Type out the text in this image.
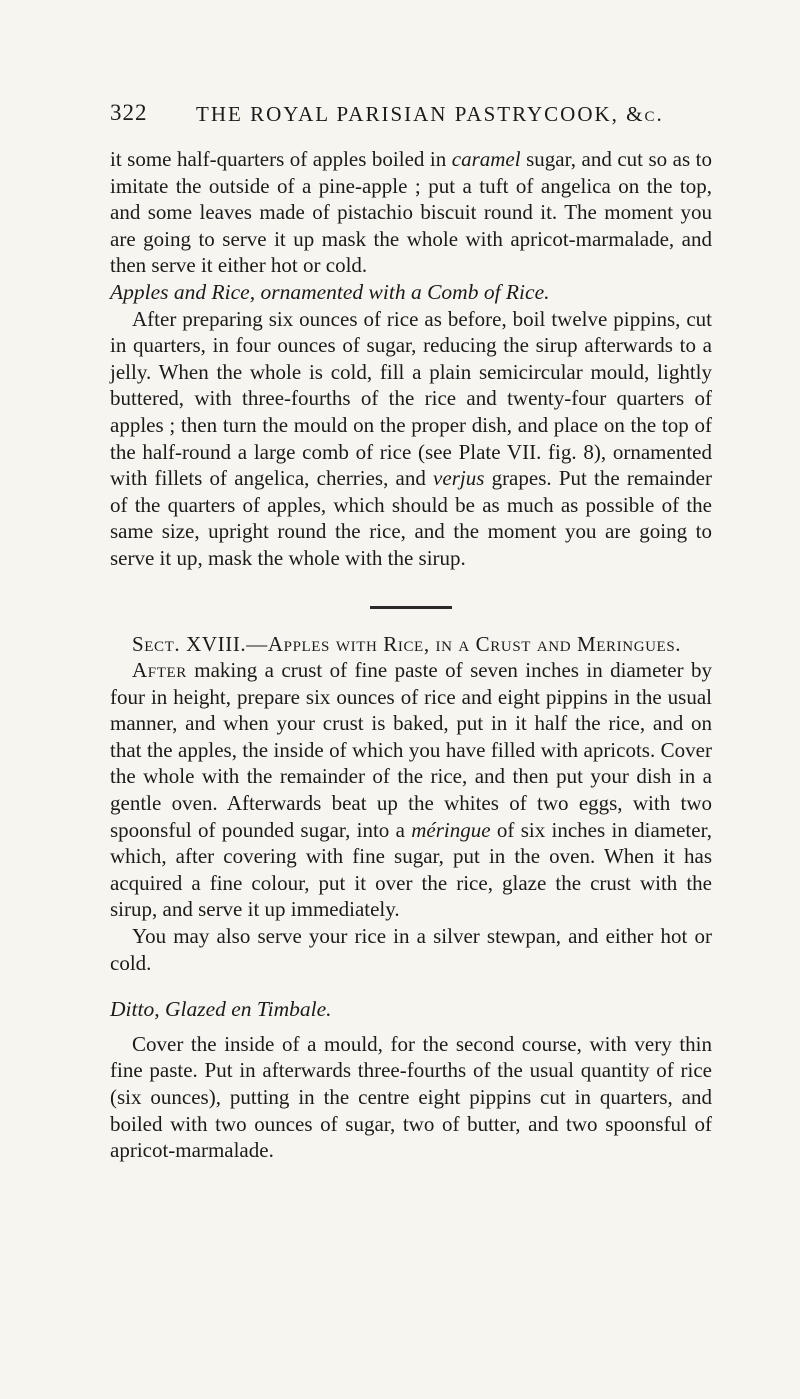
322 THE ROYAL PARISIAN PASTRYCOOK, &c.

it some half-quarters of apples boiled in caramel sugar, and cut so as to imitate the outside of a pine-apple ; put a tuft of angelica on the top, and some leaves made of pistachio biscuit round it. The moment you are going to serve it up mask the whole with apricot-marmalade, and then serve it either hot or cold.

Apples and Rice, ornamented with a Comb of Rice.

After preparing six ounces of rice as before, boil twelve pippins, cut in quarters, in four ounces of sugar, reducing the sirup afterwards to a jelly. When the whole is cold, fill a plain semicircular mould, lightly buttered, with three-fourths of the rice and twenty-four quarters of apples ; then turn the mould on the proper dish, and place on the top of the half-round a large comb of rice (see Plate VII. fig. 8), ornamented with fillets of angelica, cherries, and verjus grapes. Put the remainder of the quarters of apples, which should be as much as possible of the same size, upright round the rice, and the moment you are going to serve it up, mask the whole with the sirup.

Sect. XVIII.—Apples with Rice, in a Crust and Meringues.

After making a crust of fine paste of seven inches in diameter by four in height, prepare six ounces of rice and eight pippins in the usual manner, and when your crust is baked, put in it half the rice, and on that the apples, the inside of which you have filled with apricots. Cover the whole with the remainder of the rice, and then put your dish in a gentle oven. Afterwards beat up the whites of two eggs, with two spoonsful of pounded sugar, into a méringue of six inches in diameter, which, after covering with fine sugar, put in the oven. When it has acquired a fine colour, put it over the rice, glaze the crust with the sirup, and serve it up immediately.

You may also serve your rice in a silver stewpan, and either hot or cold.

Ditto, Glazed en Timbale.

Cover the inside of a mould, for the second course, with very thin fine paste. Put in afterwards three-fourths of the usual quantity of rice (six ounces), putting in the centre eight pippins cut in quarters, and boiled with two ounces of sugar, two of butter, and two spoonsful of apricot-marmalade.
